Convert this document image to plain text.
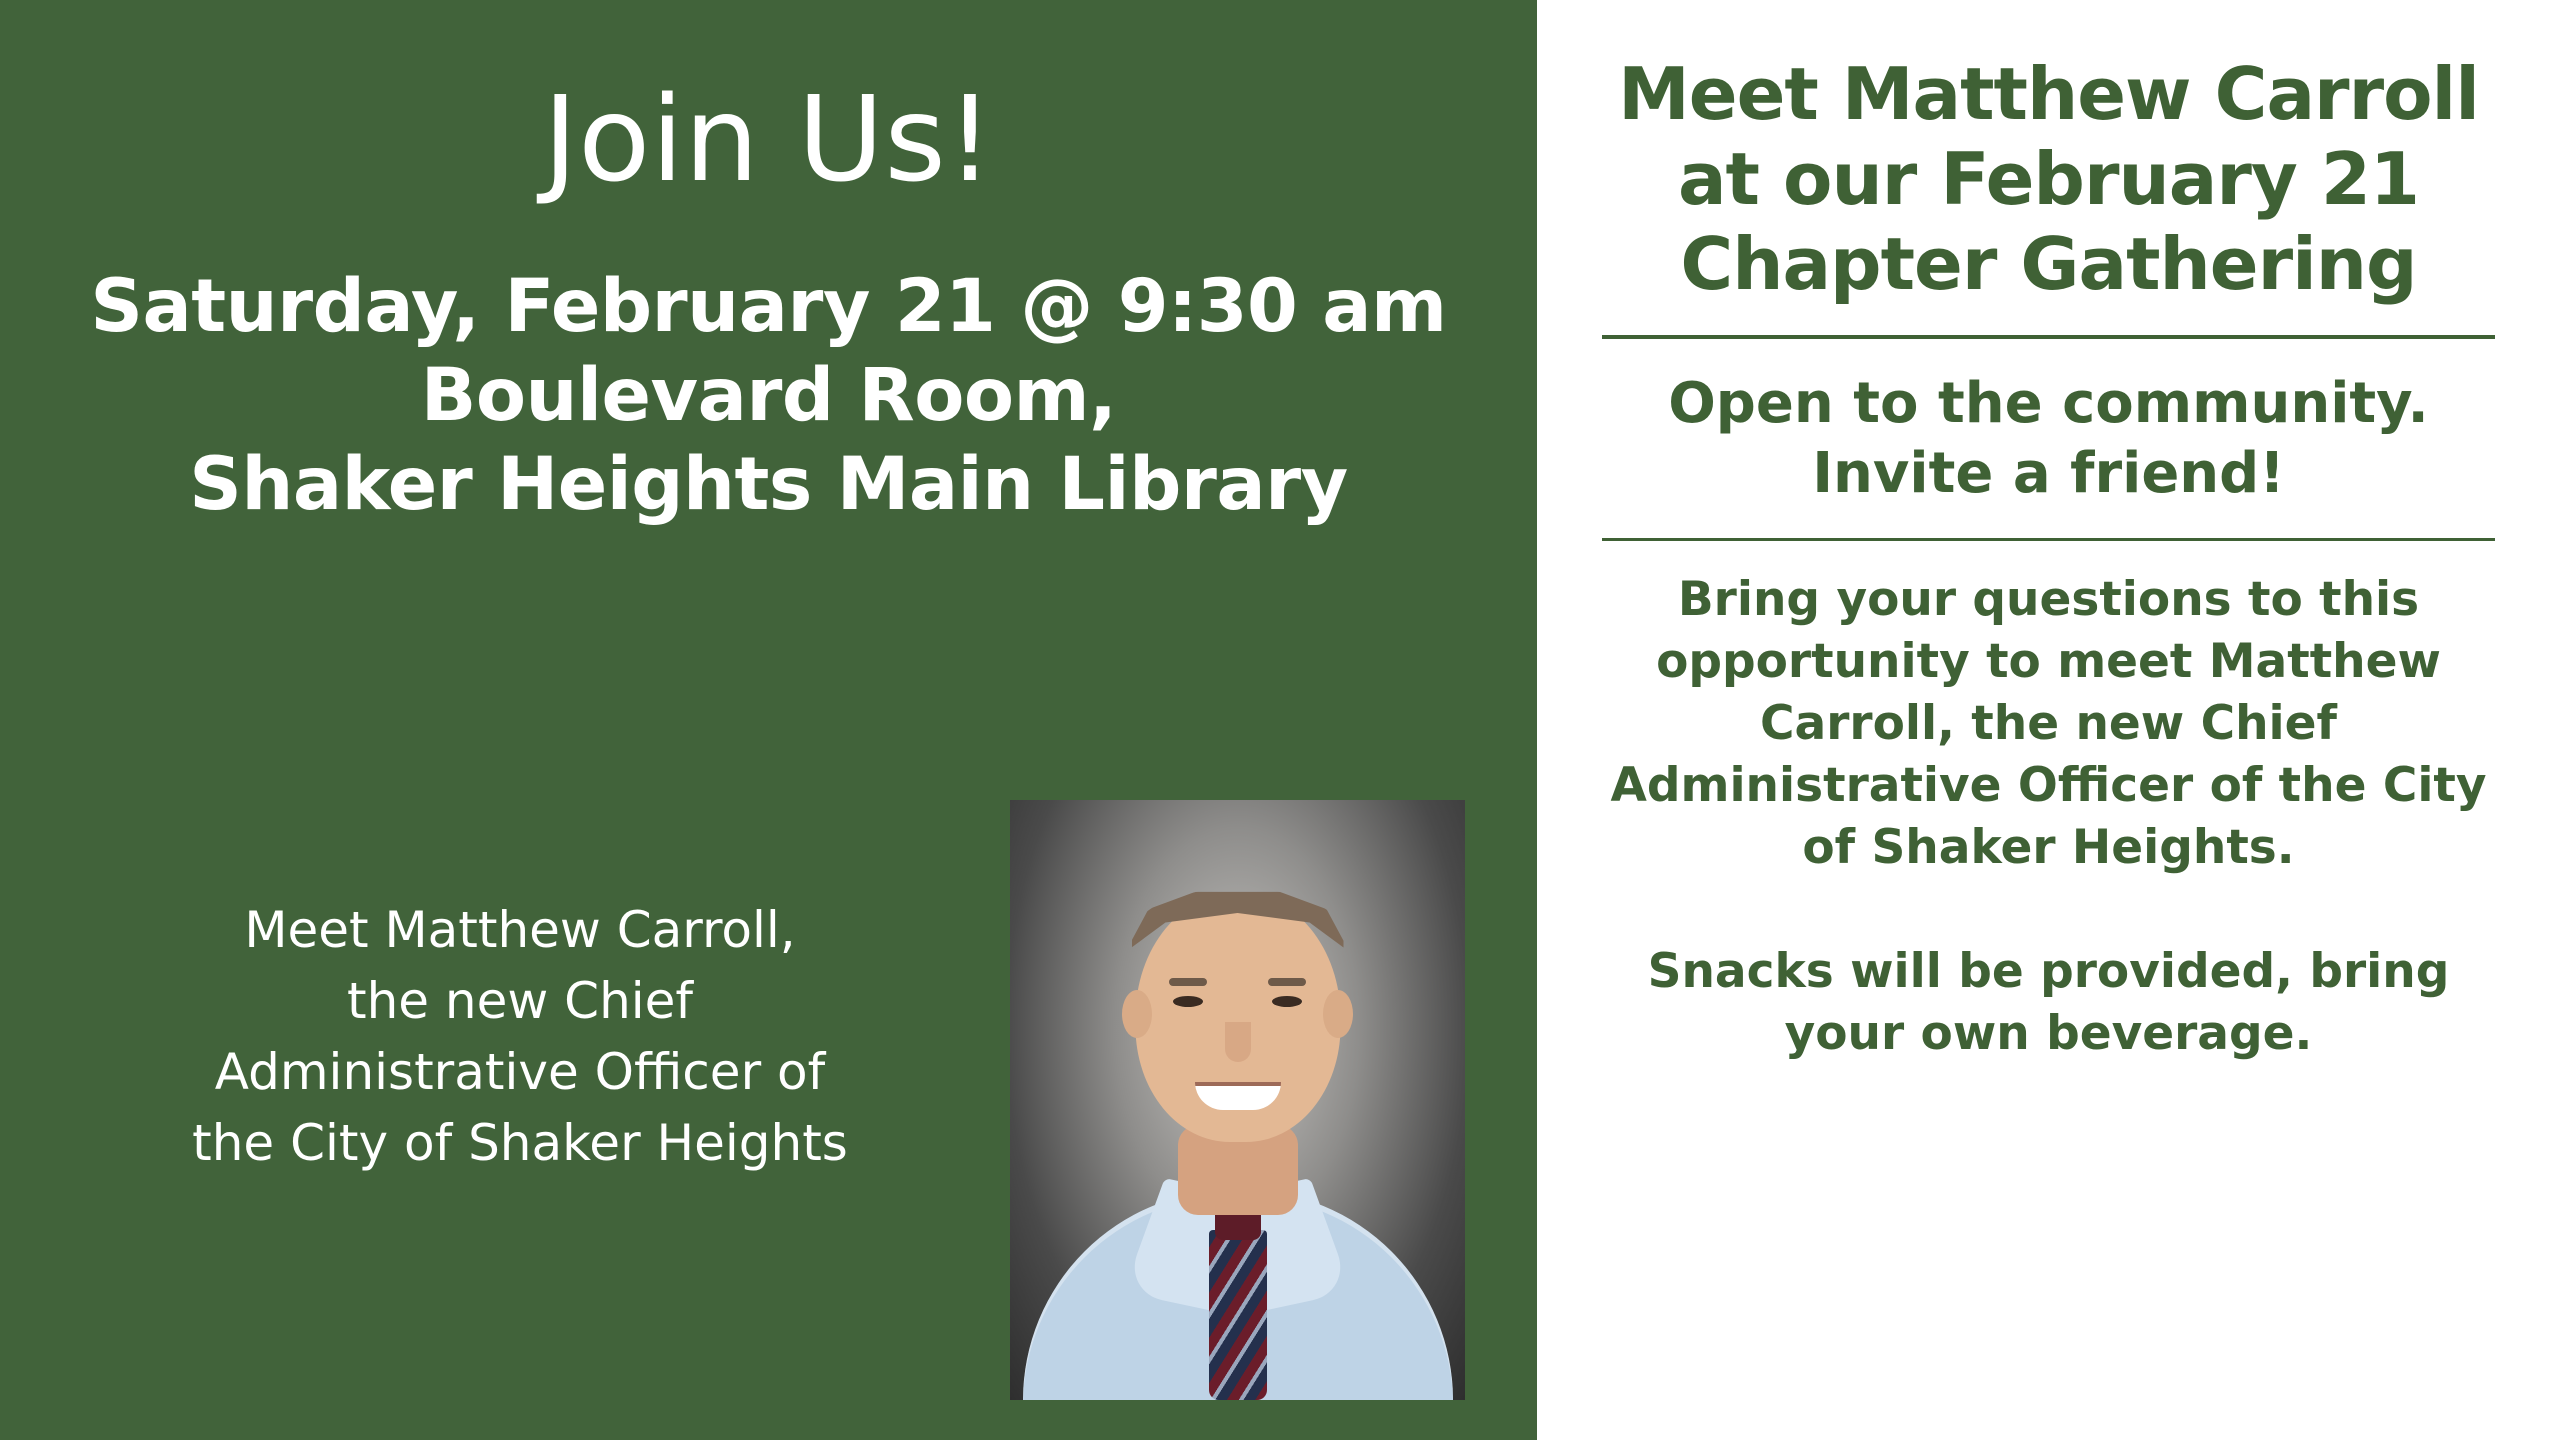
Join Us!
Saturday, February 21 @ 9:30 am
Boulevard Room,
Shaker Heights Main Library
Meet Matthew Carroll,
the new Chief
Administrative Officer of
the City of Shaker Heights
Meet Matthew Carroll
at our February 21
Chapter Gathering
Open to the community.
Invite a friend!

Bring your questions to this opportunity to meet Matthew Carroll, the new Chief Administrative Officer of the City of Shaker Heights.

Snacks will be provided, bring your own beverage.
